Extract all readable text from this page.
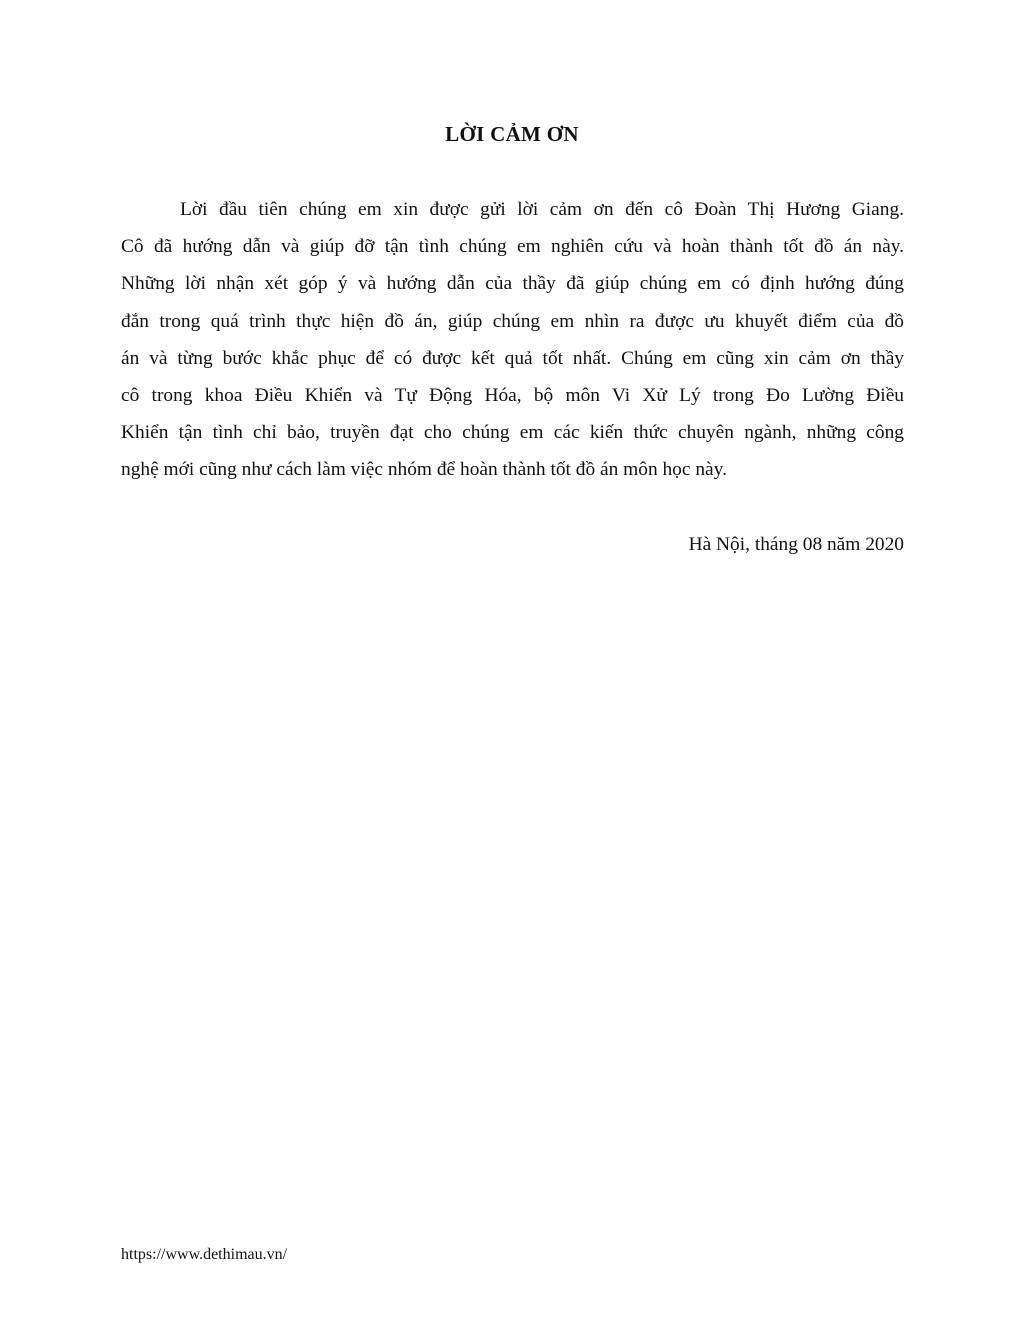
LỜI CẢM ƠN
Lời đầu tiên chúng em xin được gửi lời cảm ơn đến cô Đoàn Thị Hương Giang.
Cô đã hướng dẫn và giúp đỡ tận tình chúng em nghiên cứu và hoàn thành tốt đồ án này.
Những lời nhận xét góp ý và hướng dẫn của thầy đã giúp chúng em có định hướng đúng
đắn trong quá trình thực hiện đồ án, giúp chúng em nhìn ra được ưu khuyết điểm của đồ
án và từng bước khắc phục để có được kết quả tốt nhất. Chúng em cũng xin cảm ơn thầy
cô trong khoa Điều Khiển và Tự Động Hóa, bộ môn Vi Xử Lý trong Đo Lường Điều
Khiển tận tình chỉ bảo, truyền đạt cho chúng em các kiến thức chuyên ngành, những công
nghệ mới cũng như cách làm việc nhóm để hoàn thành tốt đồ án môn học này.
Hà Nội, tháng 08 năm 2020
https://www.dethimau.vn/
